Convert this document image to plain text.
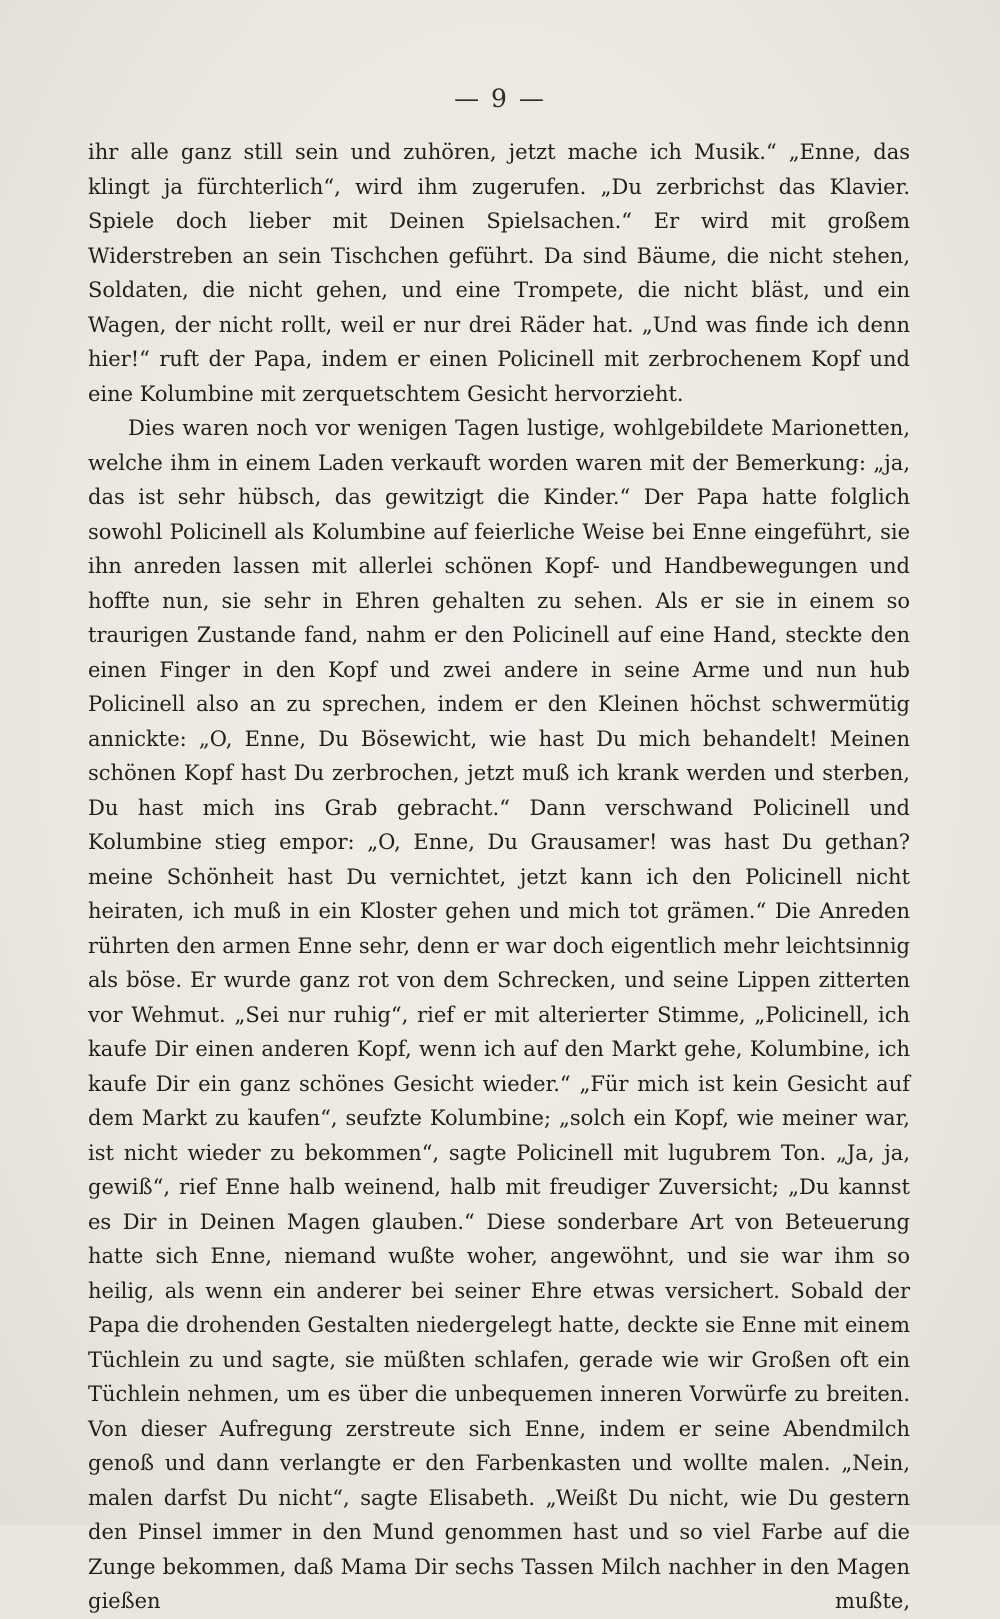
— 9 —

ihr alle ganz still sein und zuhören, jetzt mache ich Musik.“ „Enne, das klingt ja fürchterlich“, wird ihm zugerufen. „Du zerbrichst das Klavier. Spiele doch lieber mit Deinen Spielsachen.“ Er wird mit großem Widerstreben an sein Tischchen geführt. Da sind Bäume, die nicht stehen, Soldaten, die nicht gehen, und eine Trompete, die nicht bläst, und ein Wagen, der nicht rollt, weil er nur drei Räder hat. „Und was finde ich denn hier!“ ruft der Papa, indem er einen Policinell mit zerbrochenem Kopf und eine Kolumbine mit zerquetschtem Gesicht hervorzieht.

Dies waren noch vor wenigen Tagen lustige, wohlgebildete Marionetten, welche ihm in einem Laden verkauft worden waren mit der Bemerkung: „ja, das ist sehr hübsch, das gewitzigt die Kinder.“ Der Papa hatte folglich sowohl Policinell als Kolumbine auf feierliche Weise bei Enne eingeführt, sie ihn anreden lassen mit allerlei schönen Kopf- und Handbewegungen und hoffte nun, sie sehr in Ehren gehalten zu sehen. Als er sie in einem so traurigen Zustande fand, nahm er den Policinell auf eine Hand, steckte den einen Finger in den Kopf und zwei andere in seine Arme und nun hub Policinell also an zu sprechen, indem er den Kleinen höchst schwermütig annickte: „O, Enne, Du Bösewicht, wie hast Du mich behandelt! Meinen schönen Kopf hast Du zerbrochen, jetzt muß ich krank werden und sterben, Du hast mich ins Grab gebracht.“ Dann verschwand Policinell und Kolumbine stieg empor: „O, Enne, Du Grausamer! was hast Du gethan? meine Schönheit hast Du vernichtet, jetzt kann ich den Policinell nicht heiraten, ich muß in ein Kloster gehen und mich tot grämen.“ Die Anreden rührten den armen Enne sehr, denn er war doch eigentlich mehr leichtsinnig als böse. Er wurde ganz rot von dem Schrecken, und seine Lippen zitterten vor Wehmut. „Sei nur ruhig“, rief er mit alterierter Stimme, „Policinell, ich kaufe Dir einen anderen Kopf, wenn ich auf den Markt gehe, Kolumbine, ich kaufe Dir ein ganz schönes Gesicht wieder.“ „Für mich ist kein Gesicht auf dem Markt zu kaufen“, seufzte Kolumbine; „solch ein Kopf, wie meiner war, ist nicht wieder zu bekommen“, sagte Policinell mit lugubrem Ton. „Ja, ja, gewiß“, rief Enne halb weinend, halb mit freudiger Zuversicht; „Du kannst es Dir in Deinen Magen glauben.“ Diese sonderbare Art von Beteuerung hatte sich Enne, niemand wußte woher, angewöhnt, und sie war ihm so heilig, als wenn ein anderer bei seiner Ehre etwas versichert. Sobald der Papa die drohenden Gestalten niedergelegt hatte, deckte sie Enne mit einem Tüchlein zu und sagte, sie müßten schlafen, gerade wie wir Großen oft ein Tüchlein nehmen, um es über die unbequemen inneren Vorwürfe zu breiten. Von dieser Aufregung zerstreute sich Enne, indem er seine Abendmilch genoß und dann verlangte er den Farbenkasten und wollte malen. „Nein, malen darfst Du nicht“, sagte Elisabeth. „Weißt Du nicht, wie Du gestern den Pinsel immer in den Mund genommen hast und so viel Farbe auf die Zunge bekommen, daß Mama Dir sechs Tassen Milch nachher in den Magen gießen mußte,
